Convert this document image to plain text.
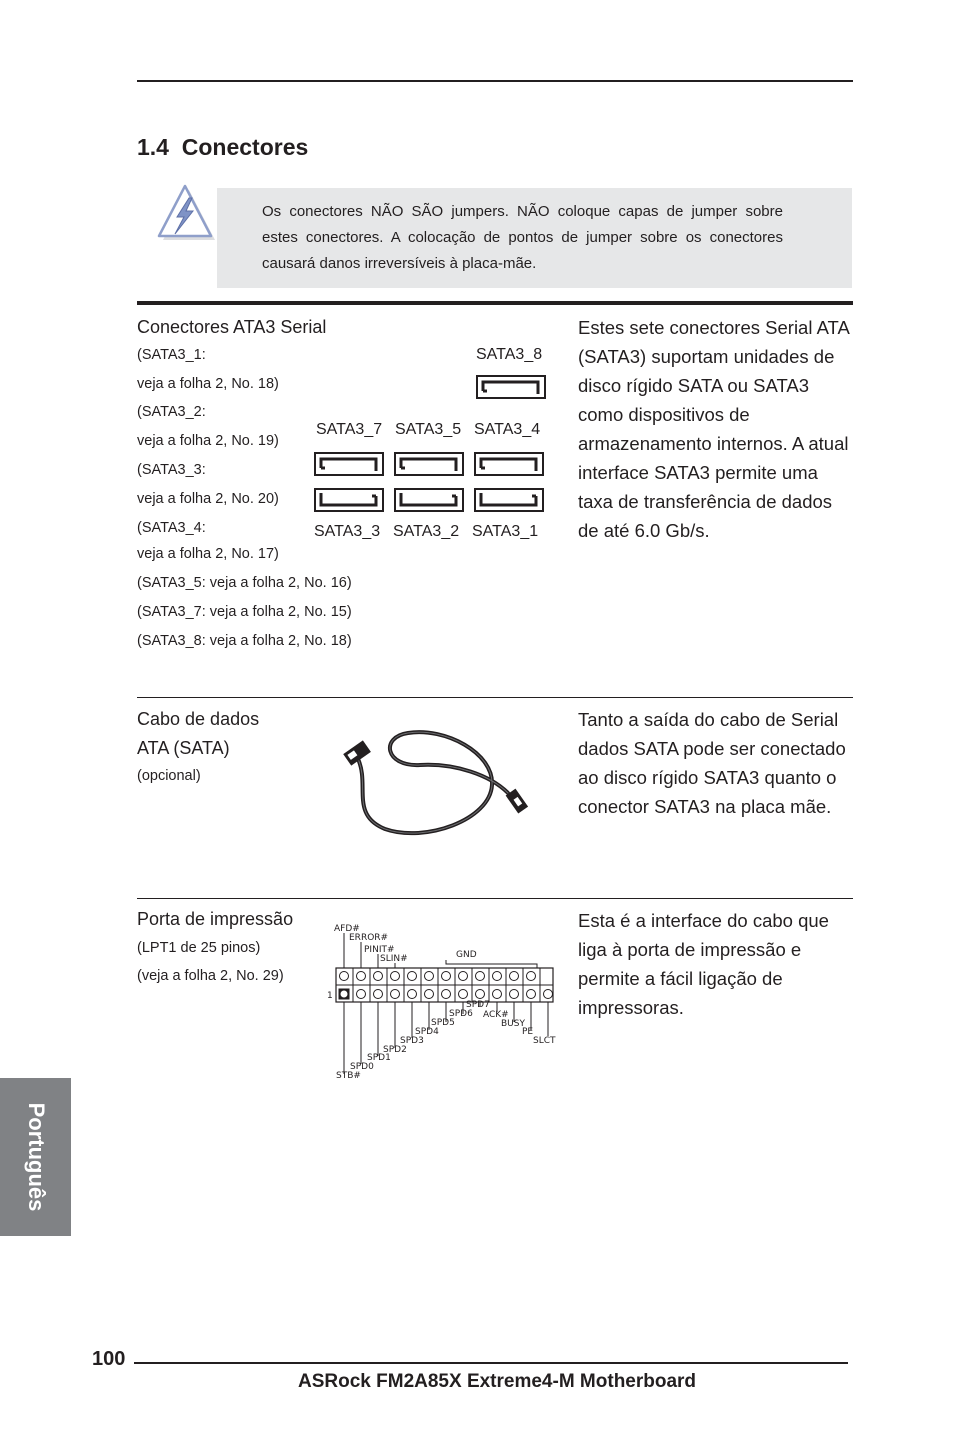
1.4 Conectores
Os conectores NÃO SÃO jumpers. NÃO coloque capas de jumper sobre estes conectores. A colocação de pontos de jumper sobre os conectores causará danos irreversíveis à placa-mãe.
Conectores ATA3 Serial
(SATA3_1:
veja a folha 2, No. 18)
(SATA3_2:
veja a folha 2, No. 19)
(SATA3_3:
veja a folha 2, No. 20)
(SATA3_4:
veja a folha 2, No. 17)
(SATA3_5: veja a folha 2, No. 16)
(SATA3_7: veja a folha 2, No. 15)
(SATA3_8: veja a folha 2, No. 18)
SATA3_8
SATA3_7 SATA3_5 SATA3_4
SATA3_3 SATA3_2 SATA3_1
Estes sete conectores Serial ATA (SATA3) suportam unidades de disco rígido SATA ou SATA3 como dispositivos de armazenamento internos. A atual interface SATA3 permite uma taxa de transferência de dados de até 6.0 Gb/s.
Cabo de dados
ATA (SATA)
(opcional)
Tanto a saída do cabo de Serial dados SATA pode ser conectado ao disco rígido SATA3 quanto o conector SATA3 na placa mãe.
Porta de impressão
(LPT1 de 25 pinos)
(veja a folha 2, No. 29)
AFD#
ERROR#
PINIT#
SLIN#	GND
1
SPD7
SPD6 ACK#
SPD5	BUSY
SPD4	PE
SPD3	SLCT
SPD2
SPD1
SPD0
STB#
Esta é a interface do cabo que liga à porta de impressão e permite a fácil ligação de impressoras.
Português
100
ASRock FM2A85X Extreme4-M Motherboard
